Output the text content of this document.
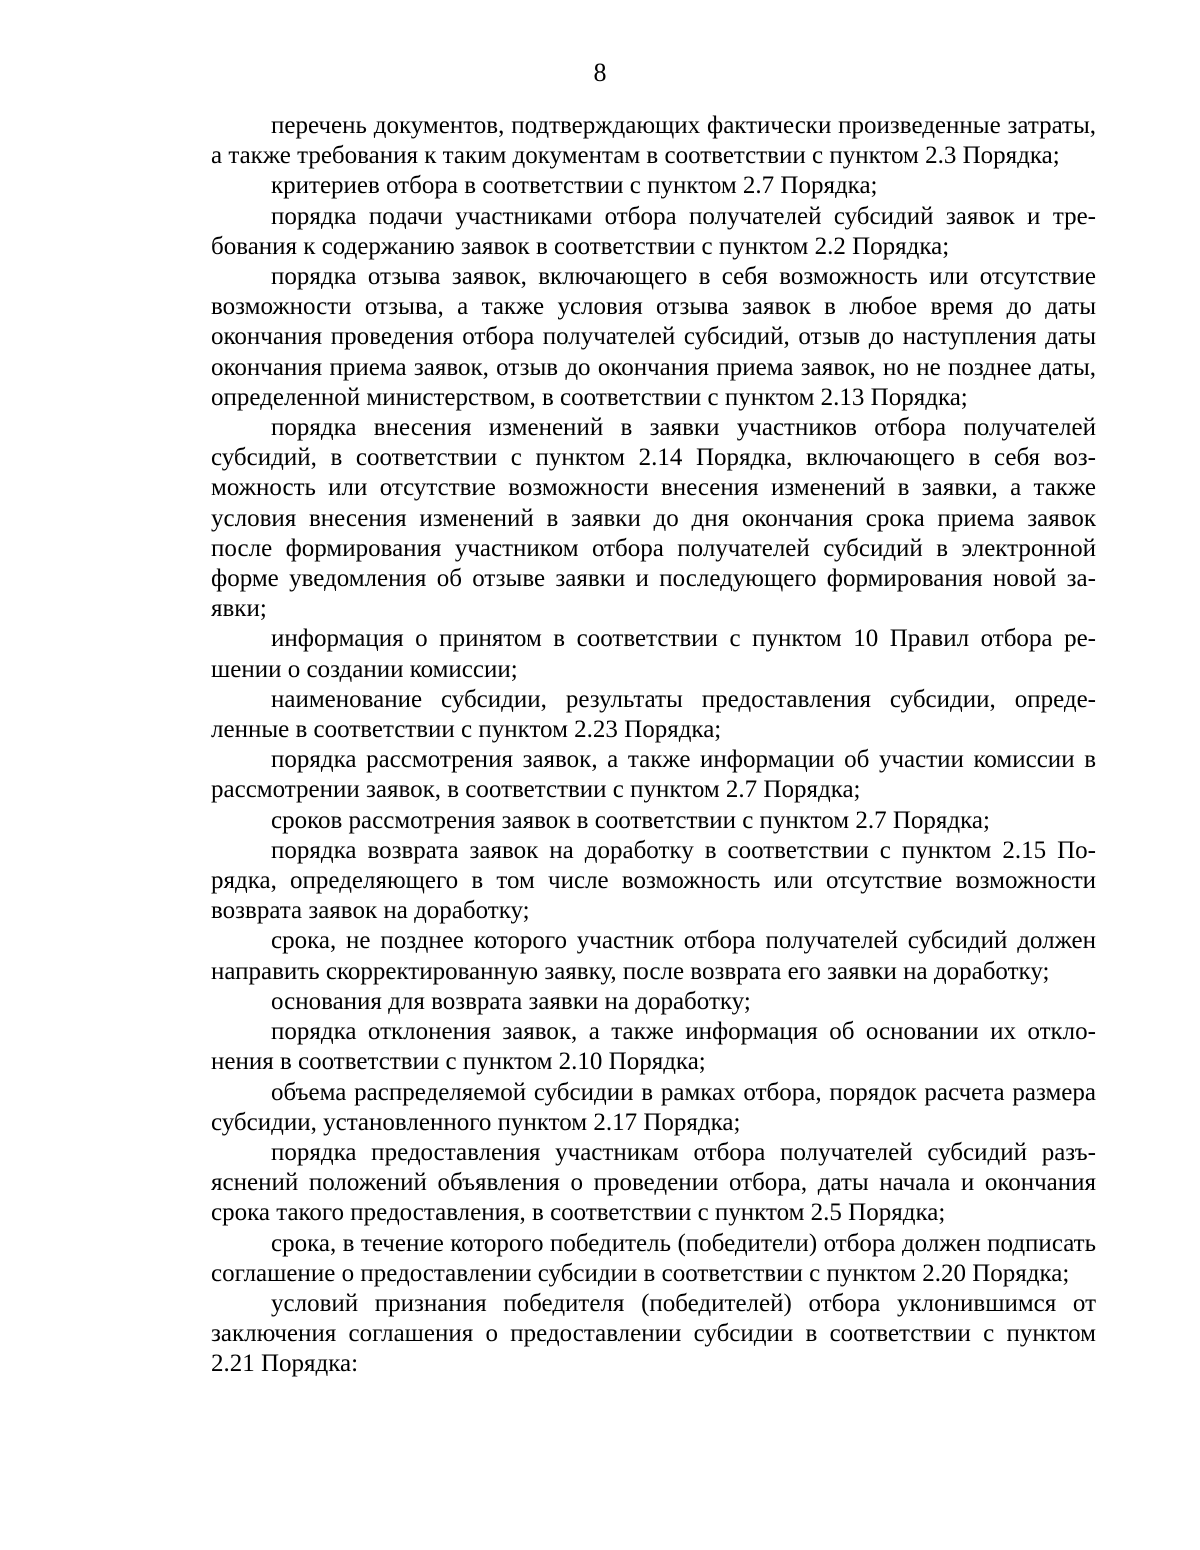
8

перечень документов, подтверждающих фактически произведенные затраты, а также требования к таким документам в соответствии с пунктом 2.3 Порядка;

критериев отбора в соответствии с пунктом 2.7 Порядка;

порядка подачи участниками отбора получателей субсидий заявок и требования к содержанию заявок в соответствии с пунктом 2.2 Порядка;

порядка отзыва заявок, включающего в себя возможность или отсутствие возможности отзыва, а также условия отзыва заявок в любое время до даты окончания проведения отбора получателей субсидий, отзыв до наступления даты окончания приема заявок, отзыв до окончания приема заявок, но не позднее даты, определенной министерством, в соответствии с пунктом 2.13 Порядка;

порядка внесения изменений в заявки участников отбора получателей субсидий, в соответствии с пунктом 2.14 Порядка, включающего в себя возможность или отсутствие возможности внесения изменений в заявки, а также условия внесения изменений в заявки до дня окончания срока приема заявок после формирования участником отбора получателей субсидий в электронной форме уведомления об отзыве заявки и последующего формирования новой заявки;

информация о принятом в соответствии с пунктом 10 Правил отбора решении о создании комиссии;

наименование субсидии, результаты предоставления субсидии, определенные в соответствии с пунктом 2.23 Порядка;

порядка рассмотрения заявок, а также информации об участии комиссии в рассмотрении заявок, в соответствии с пунктом 2.7 Порядка;

сроков рассмотрения заявок в соответствии с пунктом 2.7 Порядка;

порядка возврата заявок на доработку в соответствии с пунктом 2.15 Порядка, определяющего в том числе возможность или отсутствие возможности возврата заявок на доработку;

срока, не позднее которого участник отбора получателей субсидий должен направить скорректированную заявку, после возврата его заявки на доработку;

основания для возврата заявки на доработку;

порядка отклонения заявок, а также информация об основании их отклонения в соответствии с пунктом 2.10 Порядка;

объема распределяемой субсидии в рамках отбора, порядок расчета размера субсидии, установленного пунктом 2.17 Порядка;

порядка предоставления участникам отбора получателей субсидий разъяснений положений объявления о проведении отбора, даты начала и окончания срока такого предоставления, в соответствии с пунктом 2.5 Порядка;

срока, в течение которого победитель (победители) отбора должен подписать соглашение о предоставлении субсидии в соответствии с пунктом 2.20 Порядка;

условий признания победителя (победителей) отбора уклонившимся от заключения соглашения о предоставлении субсидии в соответствии с пунктом 2.21 Порядка:
